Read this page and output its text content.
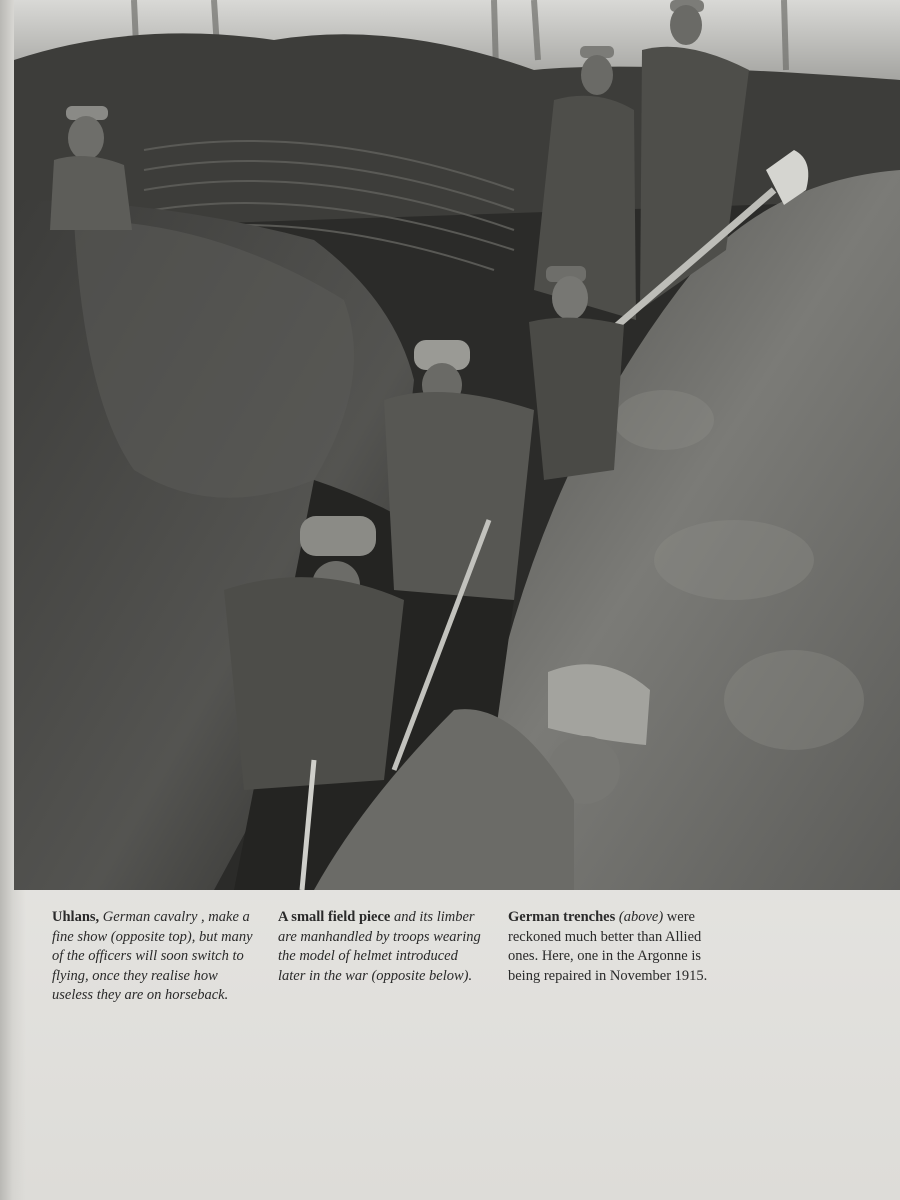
Uhlans, German cavalry , make a fine show (opposite top), but many of the officers will soon switch to flying, once they realise how useless they are on horseback.

A small field piece and its limber are manhandled by troops wearing the model of helmet introduced later in the war (opposite below).

German trenches (above) were reckoned much better than Allied ones. Here, one in the Argonne is being repaired in November 1915.
